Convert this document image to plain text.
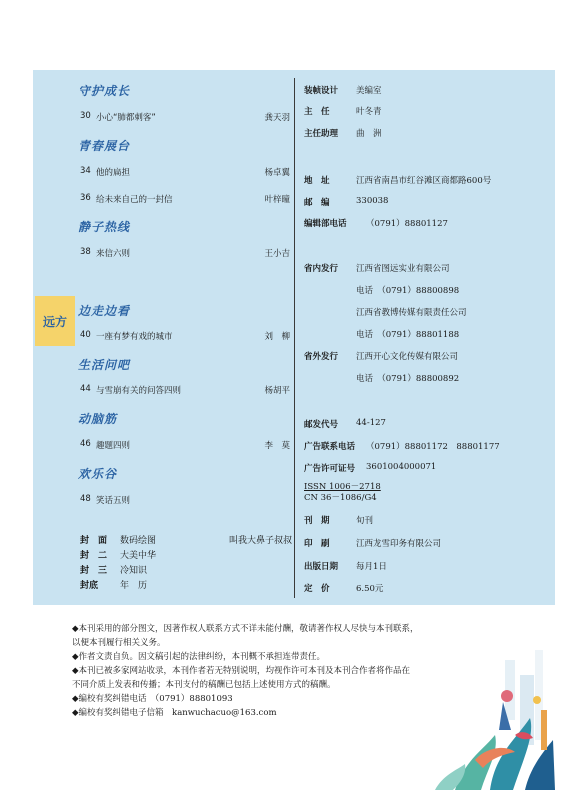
远方
守护成长
30 小心“肺都刺客”	龚天羽
青春展台
34 他的扁担	杨卓翼
36 给未来自己的一封信	叶梓曈
静子热线
38 来信六则	王小吉
边走边看
40 一座有梦有戏的城市	刘　柳
生活问吧
44 与雪崩有关的问答四则	杨胡平
动脑筋
46 趣题四则	李　莫
欢乐谷
48 笑话五则
封　面 数码绘图	叫我大鼻子叔叔
封　二 大美中华
封　三 冷知识
封底 年　历
装帧设计 美编室
主　任	叶冬青
主任助理 曲　洲
地　址	江西省南昌市红谷滩区商都路600号
邮　编	330038
编辑部电话 （0791）88801127
省内发行 江西省图远实业有限公司
电话　（0791）88800898
江西省教博传媒有限责任公司
电话　（0791）88801188
省外发行 江西开心文化传媒有限公司
电话　（0791）88800892
邮发代号 44-127
广告联系电话 （0791）88801172　88801177
广告许可证号 3601004000071
ISSN 1006－2718
CN 36－1086/G4
刊　期	旬刊
印　刷	江西龙雪印务有限公司
出版日期 每月1日
定　价	6.50元

◆本刊采用的部分图文，因著作权人联系方式不详未能付酬，敬请著作权人尽快与本刊联系，

以便本刊履行相关义务。

◆作者文责自负。因文稿引起的法律纠纷，本刊概不承担连带责任。

◆本刊已被多家网站收录，本刊作者若无特别说明，均视作许可本刊及本刊合作者将作品在

不同介质上发表和传播；本刊支付的稿酬已包括上述使用方式的稿酬。

◆编校有奖纠错电话　（0791）88801093

◆编校有奖纠错电子信箱　kanwuchacuo@163.com
